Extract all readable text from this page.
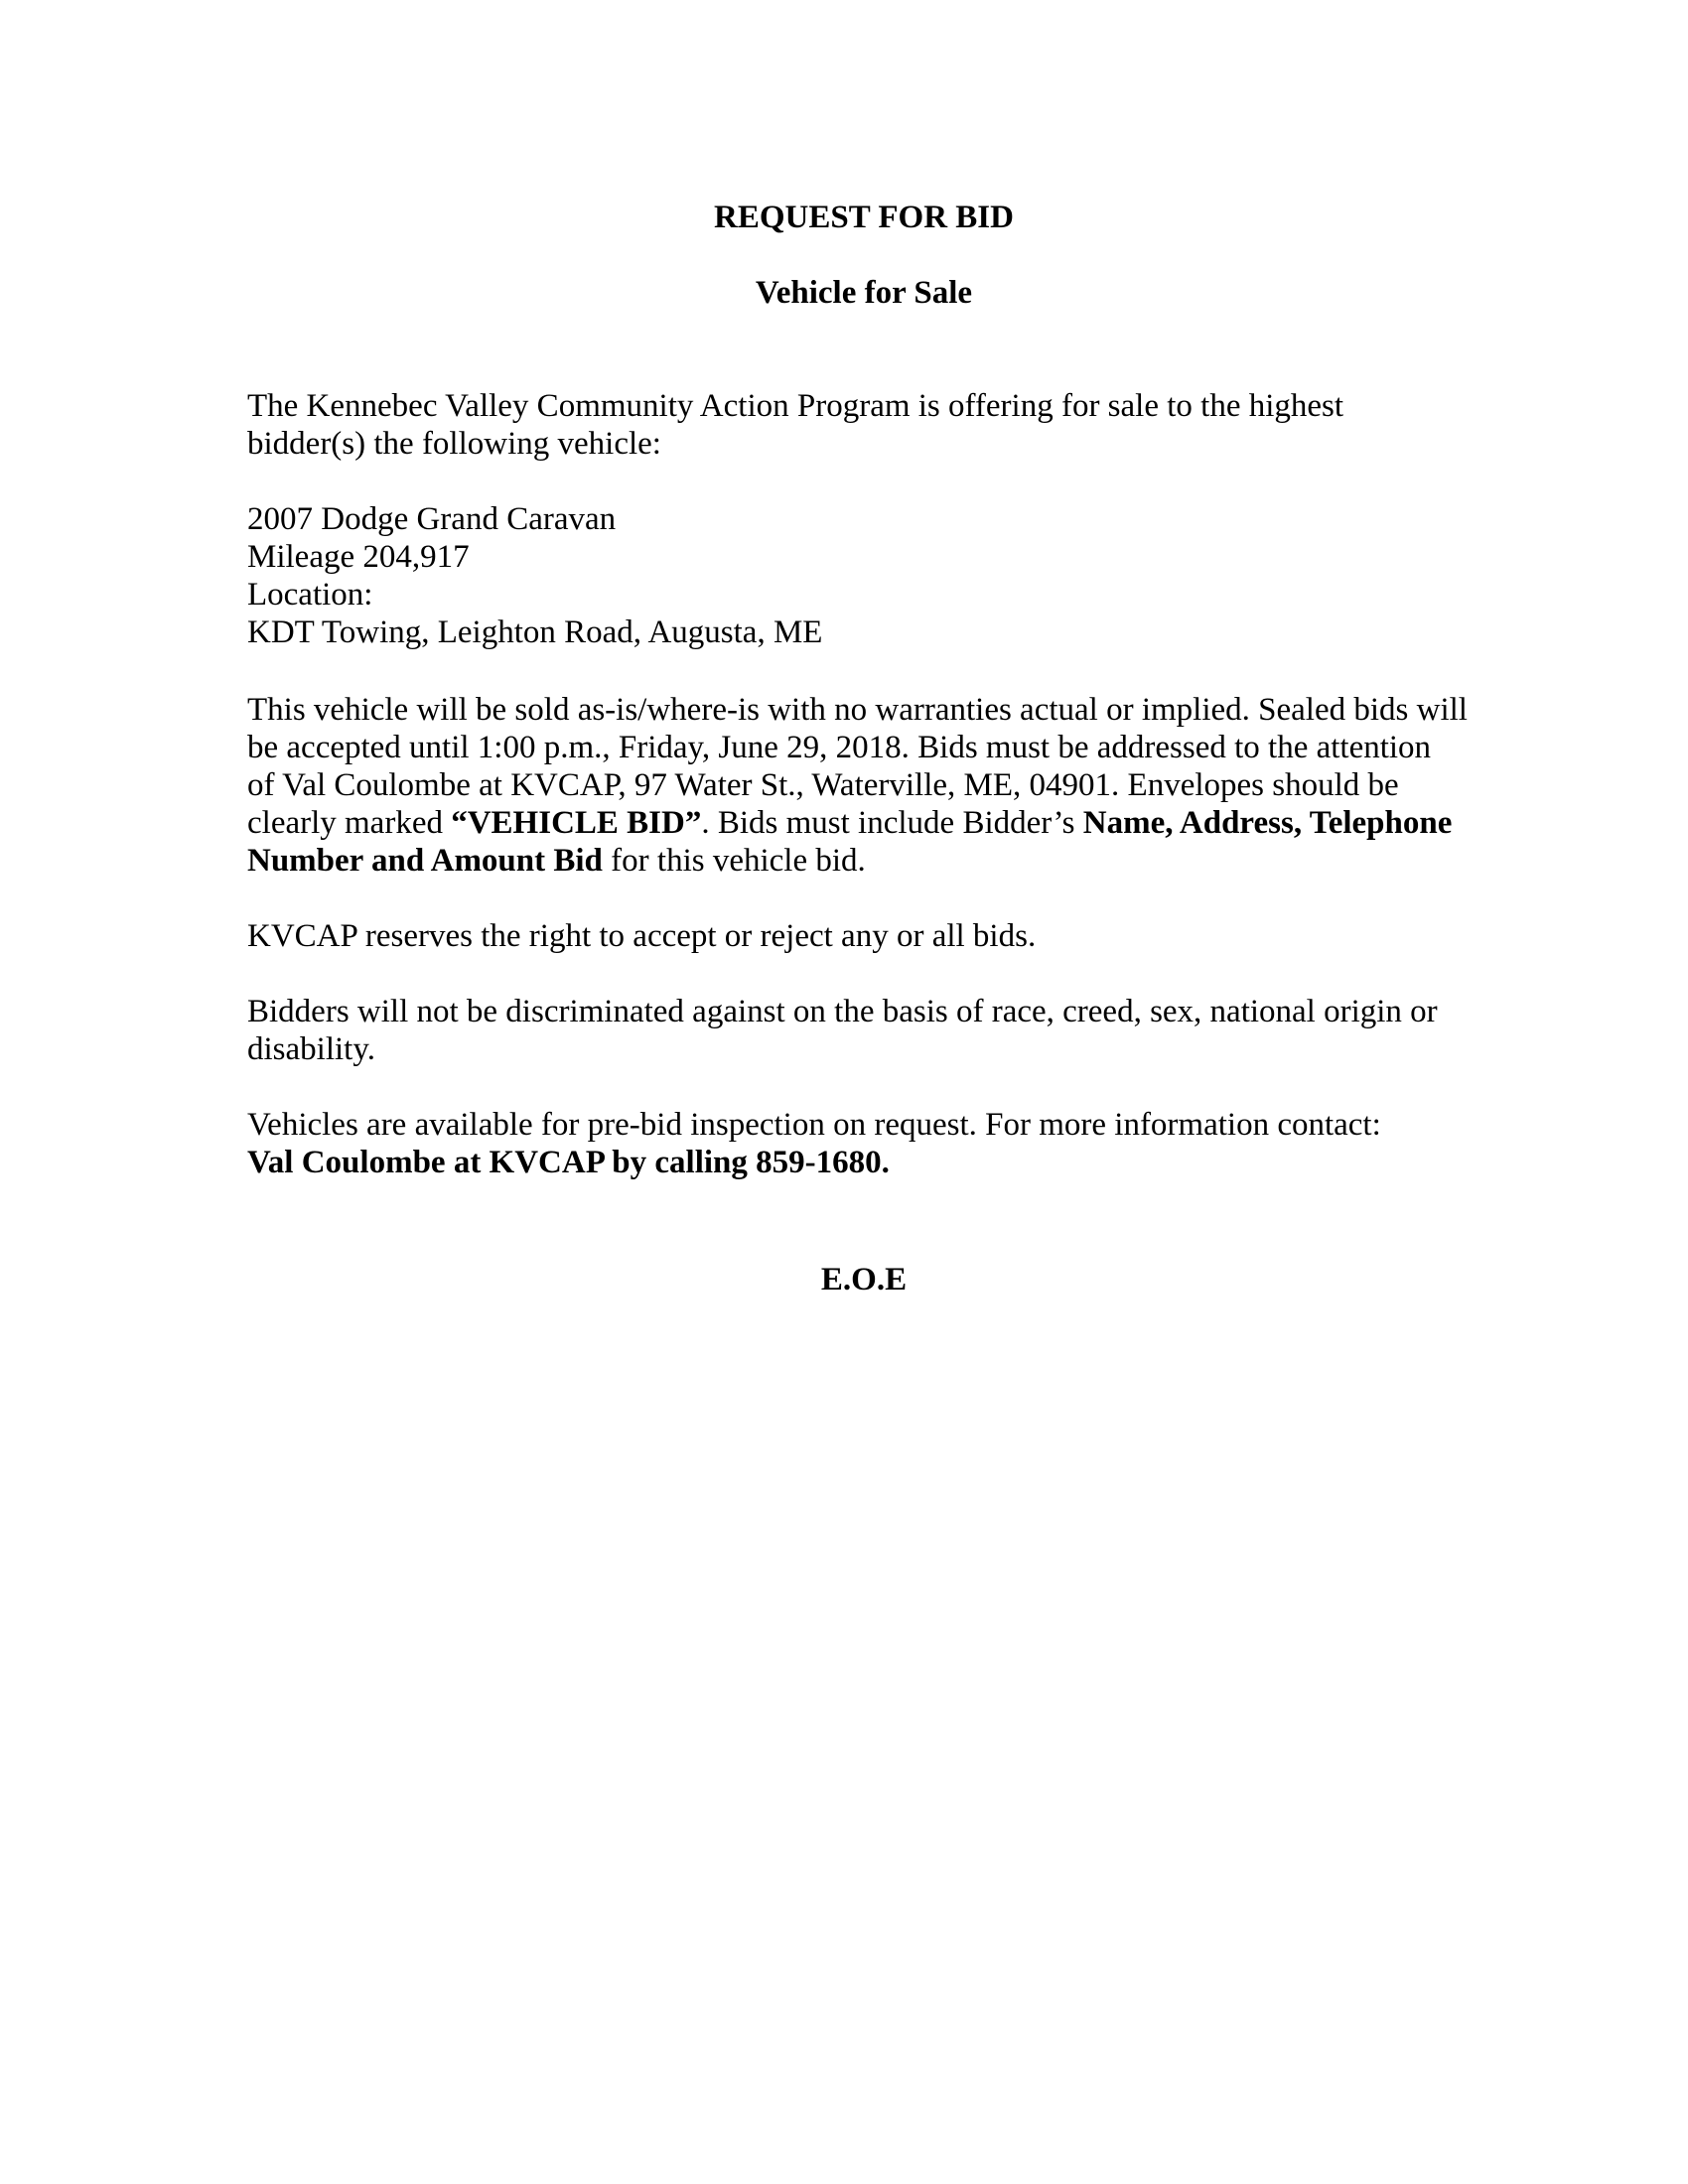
REQUEST FOR BID
Vehicle for Sale

The Kennebec Valley Community Action Program is offering for sale to the highest

bidder(s) the following vehicle:

2007 Dodge Grand Caravan

Mileage 204,917

Location:

KDT Towing, Leighton Road, Augusta, ME

This vehicle will be sold as-is/where-is with no warranties actual or implied. Sealed bids will

be accepted until 1:00 p.m., Friday, June 29, 2018. Bids must be addressed to the attention

of Val Coulombe at KVCAP, 97 Water St., Waterville, ME, 04901. Envelopes should be

clearly marked “VEHICLE BID”. Bids must include Bidder’s Name, Address, Telephone

Number and Amount Bid for this vehicle bid.

KVCAP reserves the right to accept or reject any or all bids.

Bidders will not be discriminated against on the basis of race, creed, sex, national origin or

disability.

Vehicles are available for pre-bid inspection on request. For more information contact:

Val Coulombe at KVCAP by calling 859-1680.

E.O.E
